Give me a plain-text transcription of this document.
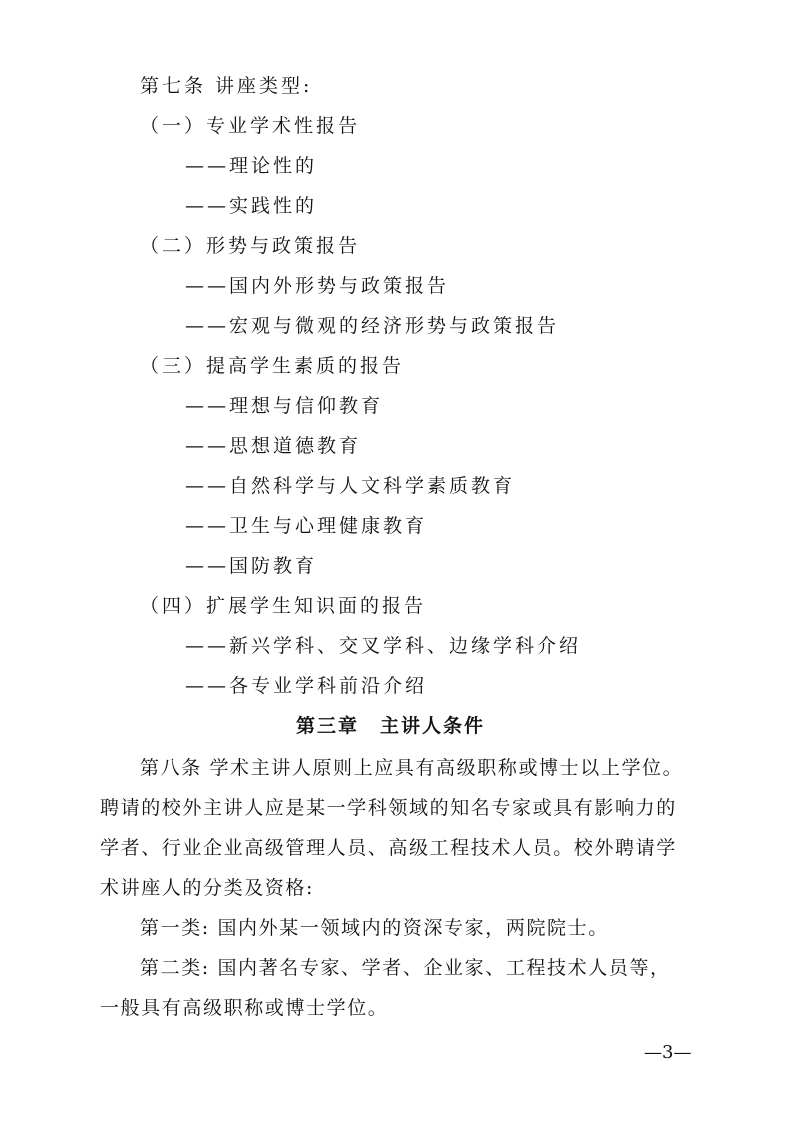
第七条 讲座类型:
（一）专业学术性报告
——理论性的
——实践性的
（二）形势与政策报告
——国内外形势与政策报告
——宏观与微观的经济形势与政策报告
（三）提高学生素质的报告
——理想与信仰教育
——思想道德教育
——自然科学与人文科学素质教育
——卫生与心理健康教育
——国防教育
（四）扩展学生知识面的报告
——新兴学科、交叉学科、边缘学科介绍
——各专业学科前沿介绍
第三章　主讲人条件
第八条 学术主讲人原则上应具有高级职称或博士以上学位。
聘请的校外主讲人应是某一学科领域的知名专家或具有影响力的
学者、行业企业高级管理人员、高级工程技术人员。校外聘请学
术讲座人的分类及资格:
第一类: 国内外某一领域内的资深专家，两院院士。
第二类: 国内著名专家、学者、企业家、工程技术人员等，
一般具有高级职称或博士学位。
—3—
